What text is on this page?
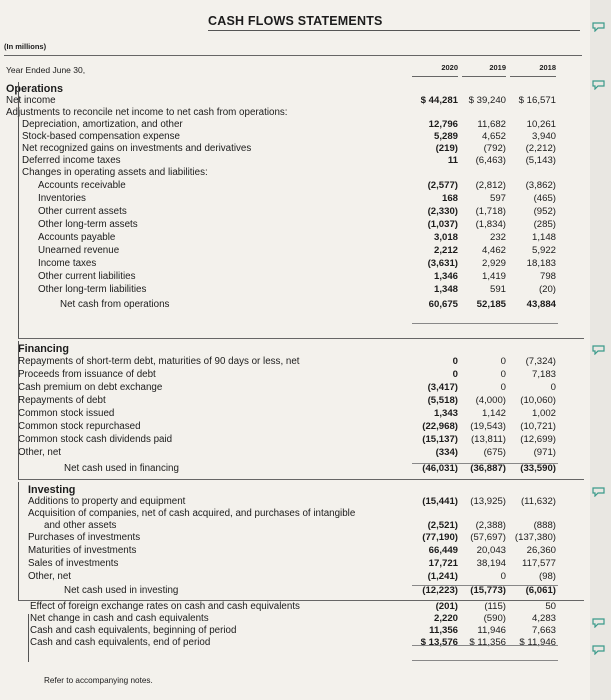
CASH FLOWS STATEMENTS
(In millions)
Year Ended June 30,	2020	2019	2018
Operations
Net income	$ 44,281	$ 39,240	$ 16,571
Adjustments to reconcile net income to net cash from operations:
Depreciation, amortization, and other	12,796	11,682	10,261
Stock-based compensation expense	5,289	4,652	3,940
Net recognized gains on investments and derivatives	(219)	(792)	(2,212)
Deferred income taxes	11	(6,463)	(5,143)
Changes in operating assets and liabilities:
Accounts receivable	(2,577)	(2,812)	(3,862)
Inventories	168	597	(465)
Other current assets	(2,330)	(1,718)	(952)
Other long-term assets	(1,037)	(1,834)	(285)
Accounts payable	3,018	232	1,148
Unearned revenue	2,212	4,462	5,922
Income taxes	(3,631)	2,929	18,183
Other current liabilities	1,346	1,419	798
Other long-term liabilities	1,348	591	(20)
Net cash from operations	60,675	52,185	43,884
Financing
Repayments of short-term debt, maturities of 90 days or less, net	0	0	(7,324)
Proceeds from issuance of debt	0	0	7,183
Cash premium on debt exchange	(3,417)	0	0
Repayments of debt	(5,518)	(4,000)	(10,060)
Common stock issued	1,343	1,142	1,002
Common stock repurchased	(22,968)	(19,543)	(10,721)
Common stock cash dividends paid	(15,137)	(13,811)	(12,699)
Other, net	(334)	(675)	(971)
Net cash used in financing	(46,031)	(36,887)	(33,590)
Investing
Additions to property and equipment	(15,441)	(13,925)	(11,632)
Acquisition of companies, net of cash acquired, and purchases of intangible
and other assets	(2,521)	(2,388)	(888)
Purchases of investments	(77,190)	(57,697) (137,380)
Maturities of investments	66,449	20,043	26,360
Sales of investments	17,721	38,194	117,577
Other, net	(1,241)	0	(98)
Net cash used in investing	(12,223)	(15,773)	(6,061)
Effect of foreign exchange rates on cash and cash equivalents	(201)	(115)	50
Net change in cash and cash equivalents	2,220	(590)	4,283
Cash and cash equivalents, beginning of period	11,356	11,946	7,663
Cash and cash equivalents, end of period	$ 13,576	$ 11,356	$ 11,946
Refer to accompanying notes.
